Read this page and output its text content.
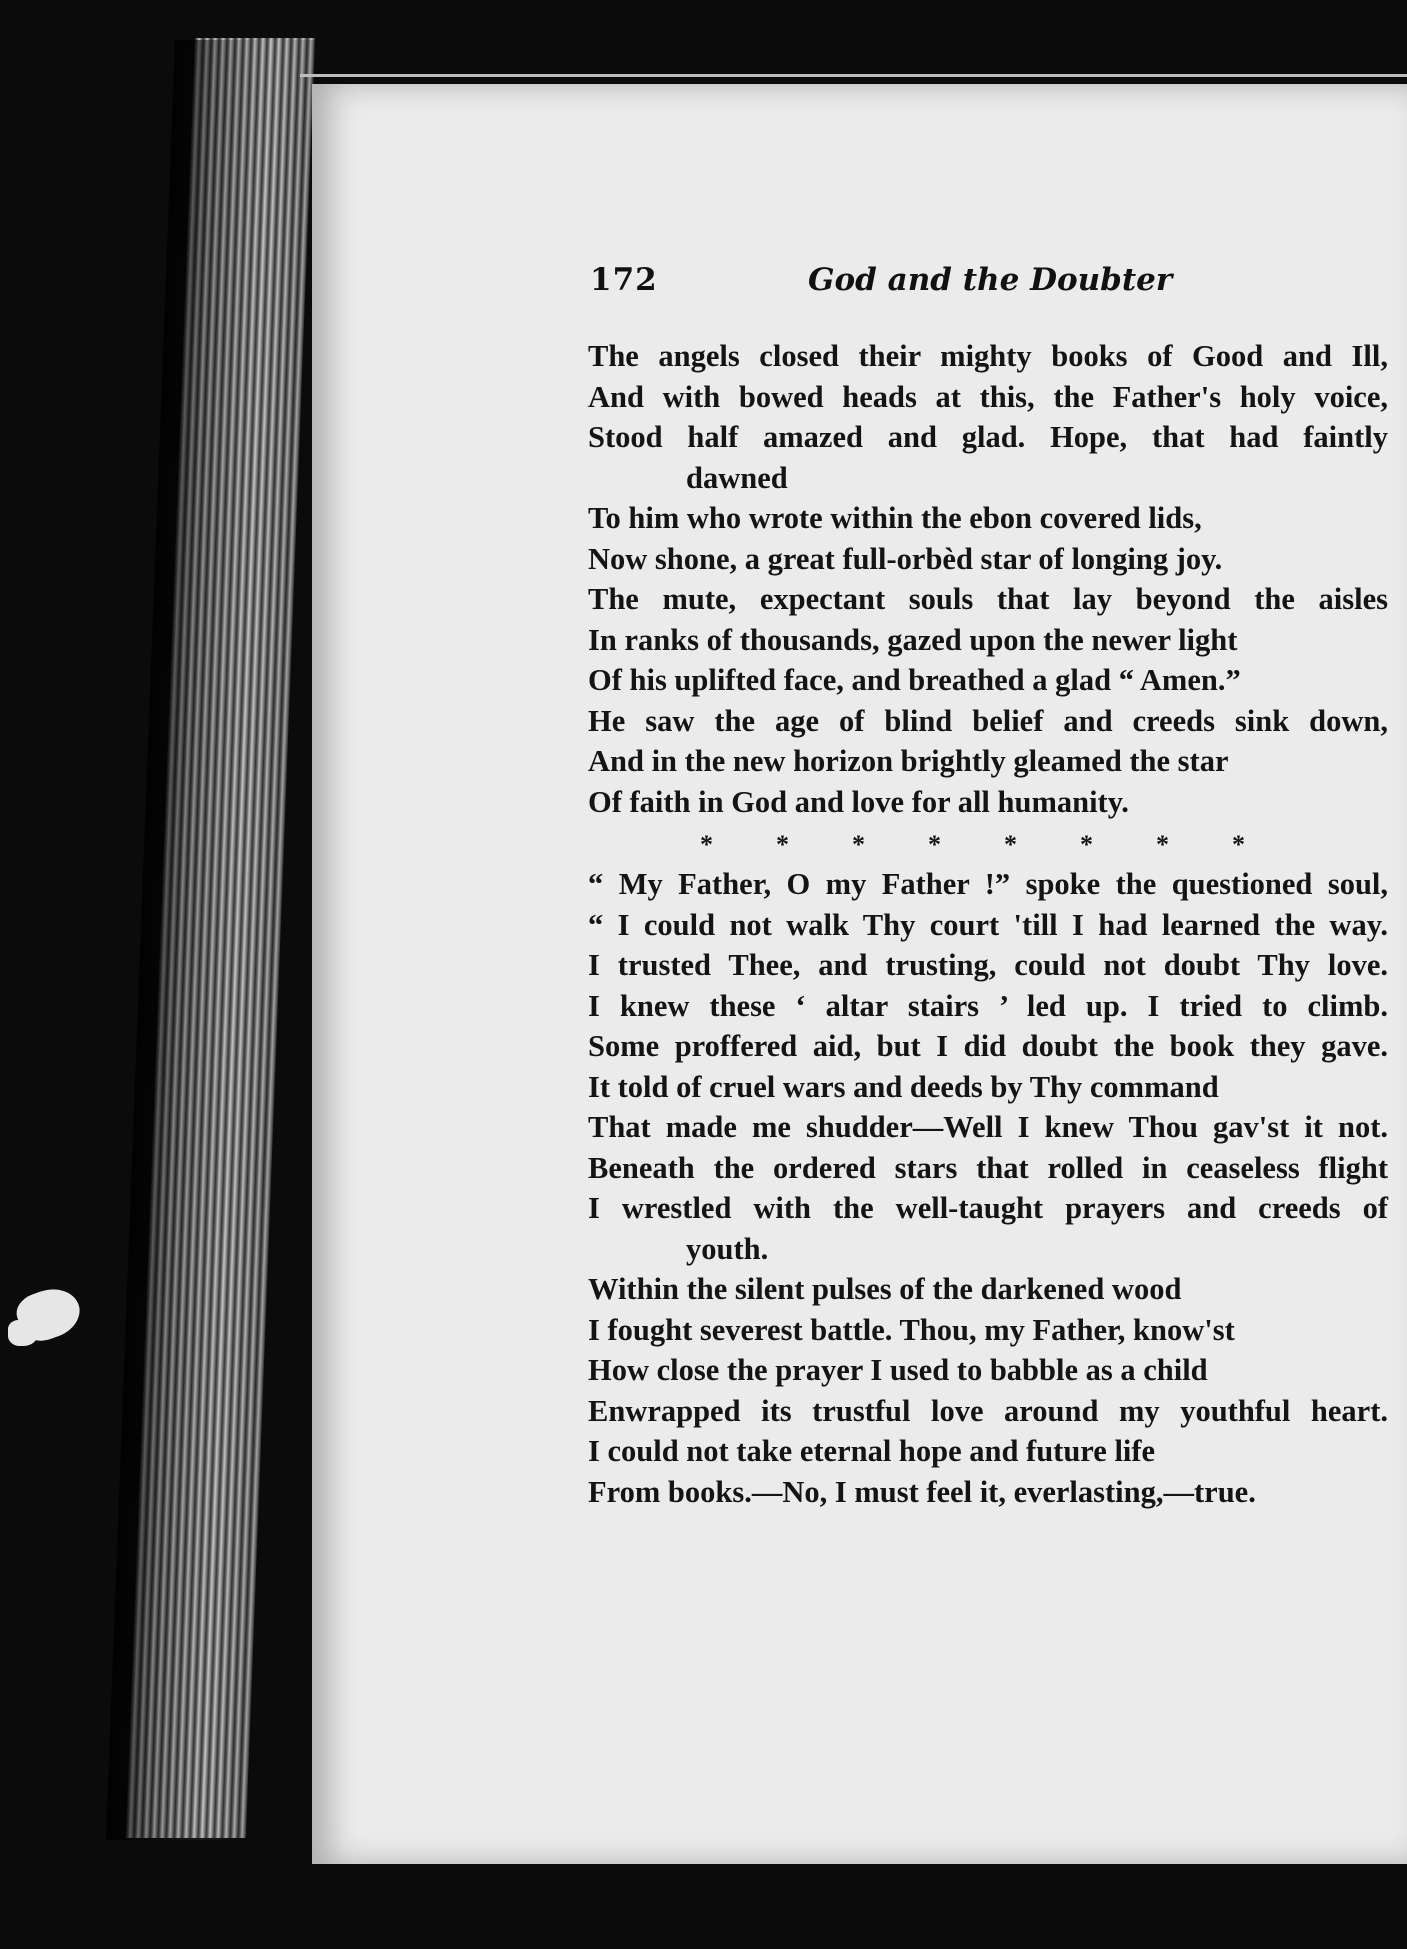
172	God and the Doubter
The angels closed their mighty books of Good and Ill,
And with bowed heads at this, the Father's holy voice,
Stood half amazed and glad. Hope, that had faintly
dawned
To him who wrote within the ebon covered lids,
Now shone, a great full-orbèd star of longing joy.
The mute, expectant souls that lay beyond the aisles
In ranks of thousands, gazed upon the newer light
Of his uplifted face, and breathed a glad “ Amen.”
He saw the age of blind belief and creeds sink down,
And in the new horizon brightly gleamed the star
Of faith in God and love for all humanity.
* * * * * * * *
“ My Father, O my Father !” spoke the questioned soul,
“ I could not walk Thy court 'till I had learned the way.
I trusted Thee, and trusting, could not doubt Thy love.
I knew these ‘ altar stairs ’ led up. I tried to climb.
Some proffered aid, but I did doubt the book they gave.
It told of cruel wars and deeds by Thy command
That made me shudder—Well I knew Thou gav'st it not.
Beneath the ordered stars that rolled in ceaseless flight
I wrestled with the well-taught prayers and creeds of
youth.
Within the silent pulses of the darkened wood
I fought severest battle. Thou, my Father, know'st
How close the prayer I used to babble as a child
Enwrapped its trustful love around my youthful heart.
I could not take eternal hope and future life
From books.—No, I must feel it, everlasting,—true.
